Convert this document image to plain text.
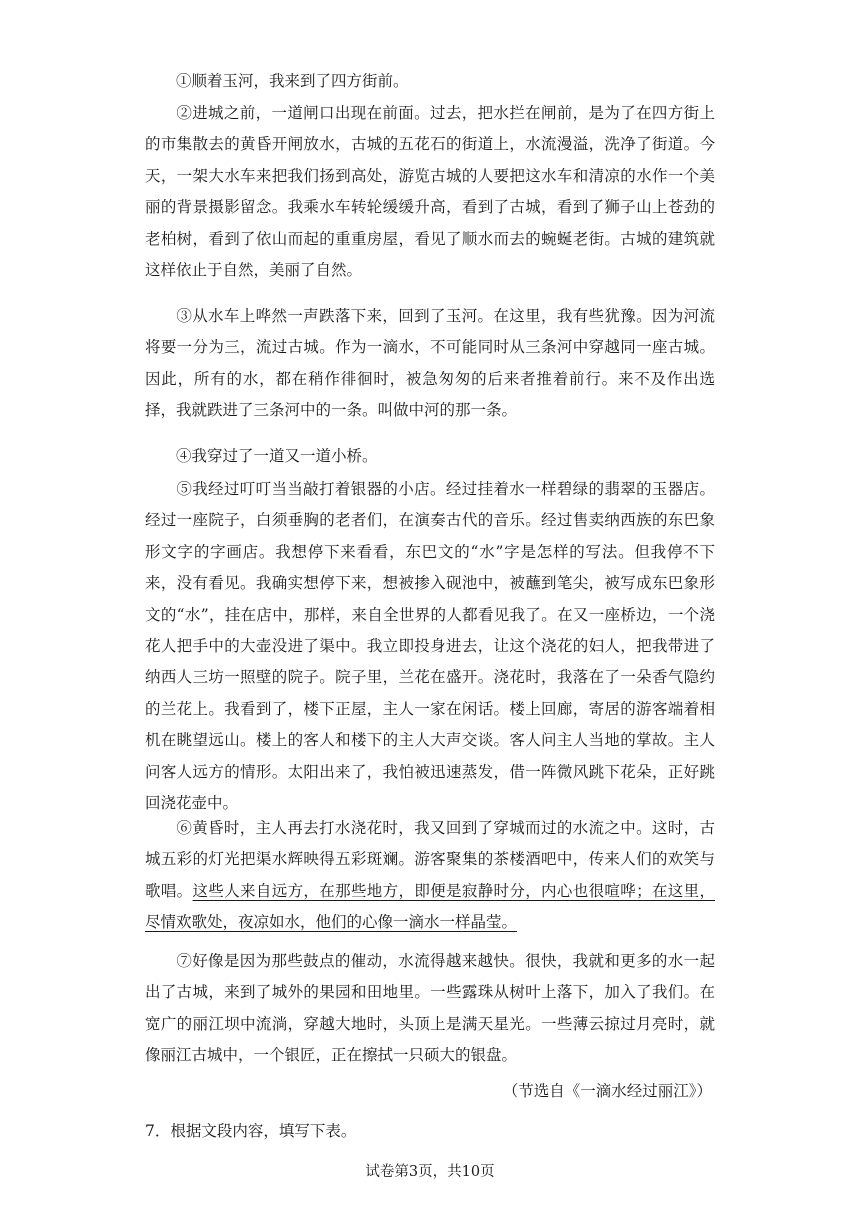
①顺着玉河，我来到了四方街前。

②进城之前，一道闸口出现在前面。过去，把水拦在闸前，是为了在四方街上的市集散去的黄昏开闸放水，古城的五花石的街道上，水流漫溢，洗净了街道。今天，一架大水车来把我们扬到高处，游览古城的人要把这水车和清凉的水作一个美丽的背景摄影留念。我乘水车转轮缓缓升高，看到了古城，看到了狮子山上苍劲的老柏树，看到了依山而起的重重房屋，看见了顺水而去的蜿蜒老街。古城的建筑就这样依止于自然，美丽了自然。

③从水车上哗然一声跌落下来，回到了玉河。在这里，我有些犹豫。因为河流将要一分为三，流过古城。作为一滴水，不可能同时从三条河中穿越同一座古城。因此，所有的水，都在稍作徘徊时，被急匆匆的后来者推着前行。来不及作出选择，我就跌进了三条河中的一条。叫做中河的那一条。

④我穿过了一道又一道小桥。

⑤我经过叮叮当当敲打着银器的小店。经过挂着水一样碧绿的翡翠的玉器店。经过一座院子，白须垂胸的老者们，在演奏古代的音乐。经过售卖纳西族的东巴象形文字的字画店。我想停下来看看，东巴文的“水”字是怎样的写法。但我停不下来，没有看见。我确实想停下来，想被掺入砚池中，被蘸到笔尖，被写成东巴象形文的“水”，挂在店中，那样，来自全世界的人都看见我了。在又一座桥边，一个浇花人把手中的大壶没进了渠中。我立即投身进去，让这个浇花的妇人，把我带进了纳西人三坊一照壁的院子。院子里，兰花在盛开。浇花时，我落在了一朵香气隐约的兰花上。我看到了，楼下正屋，主人一家在闲话。楼上回廊，寄居的游客端着相机在眺望远山。楼上的客人和楼下的主人大声交谈。客人问主人当地的掌故。主人问客人远方的情形。太阳出来了，我怕被迅速蒸发，借一阵微风跳下花朵，正好跳回浇花壶中。

⑥黄昏时，主人再去打水浇花时，我又回到了穿城而过的水流之中。这时，古城五彩的灯光把渠水辉映得五彩斑斓。游客聚集的茶楼酒吧中，传来人们的欢笑与歌唱。这些人来自远方，在那些地方，即便是寂静时分，内心也很喧哗；在这里，尽情欢歌处，夜凉如水，他们的心像一滴水一样晶莹。

⑦好像是因为那些鼓点的催动，水流得越来越快。很快，我就和更多的水一起出了古城，来到了城外的果园和田地里。一些露珠从树叶上落下，加入了我们。在宽广的丽江坝中流淌，穿越大地时，头顶上是满天星光。一些薄云掠过月亮时，就像丽江古城中，一个银匠，正在擦拭一只硕大的银盘。

（节选自《一滴水经过丽江》）
7．根据文段内容，填写下表。
试卷第3页，共10页
